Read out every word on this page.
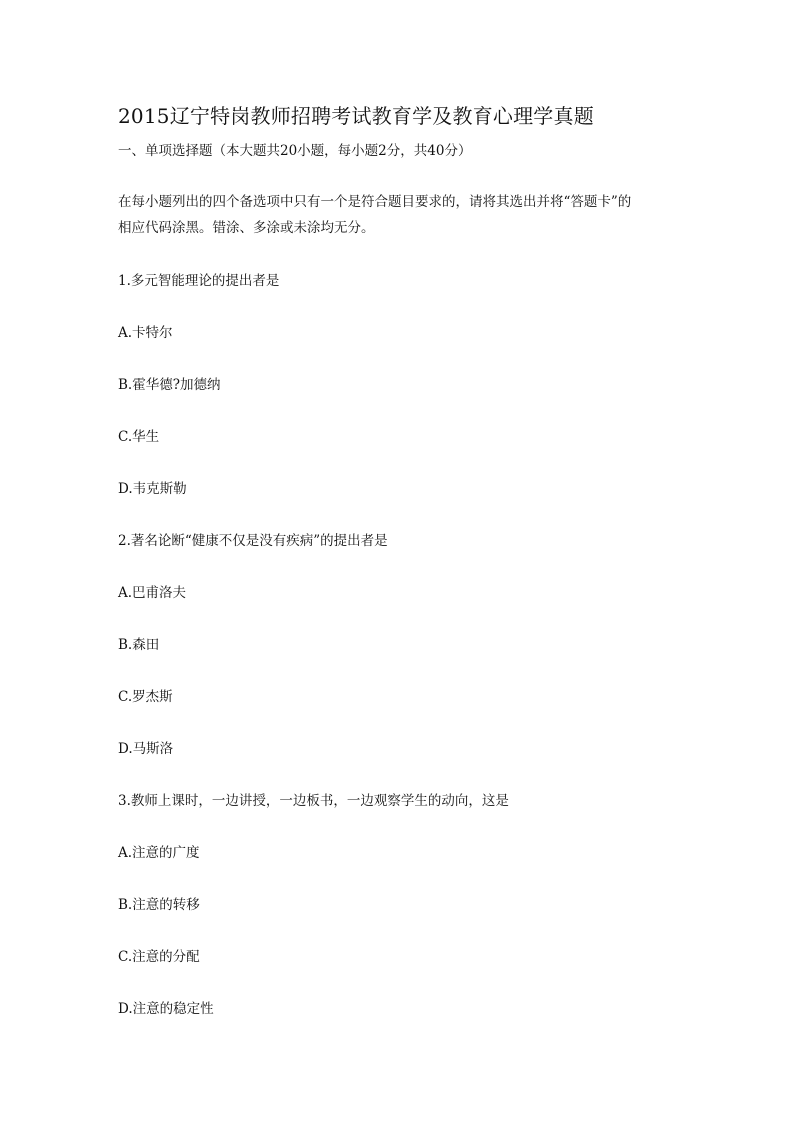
2015辽宁特岗教师招聘考试教育学及教育心理学真题
一、单项选择题（本大题共20小题，每小题2分，共40分）
在每小题列出的四个备选项中只有一个是符合题目要求的，请将其选出并将“答题卡”的
相应代码涂黑。错涂、多涂或未涂均无分。
1.多元智能理论的提出者是
A.卡特尔
B.霍华德?加德纳
C.华生
D.韦克斯勒
2.著名论断“健康不仅是没有疾病”的提出者是
A.巴甫洛夫
B.森田
C.罗杰斯
D.马斯洛
3.教师上课时，一边讲授，一边板书，一边观察学生的动向，这是
A.注意的广度
B.注意的转移
C.注意的分配
D.注意的稳定性
